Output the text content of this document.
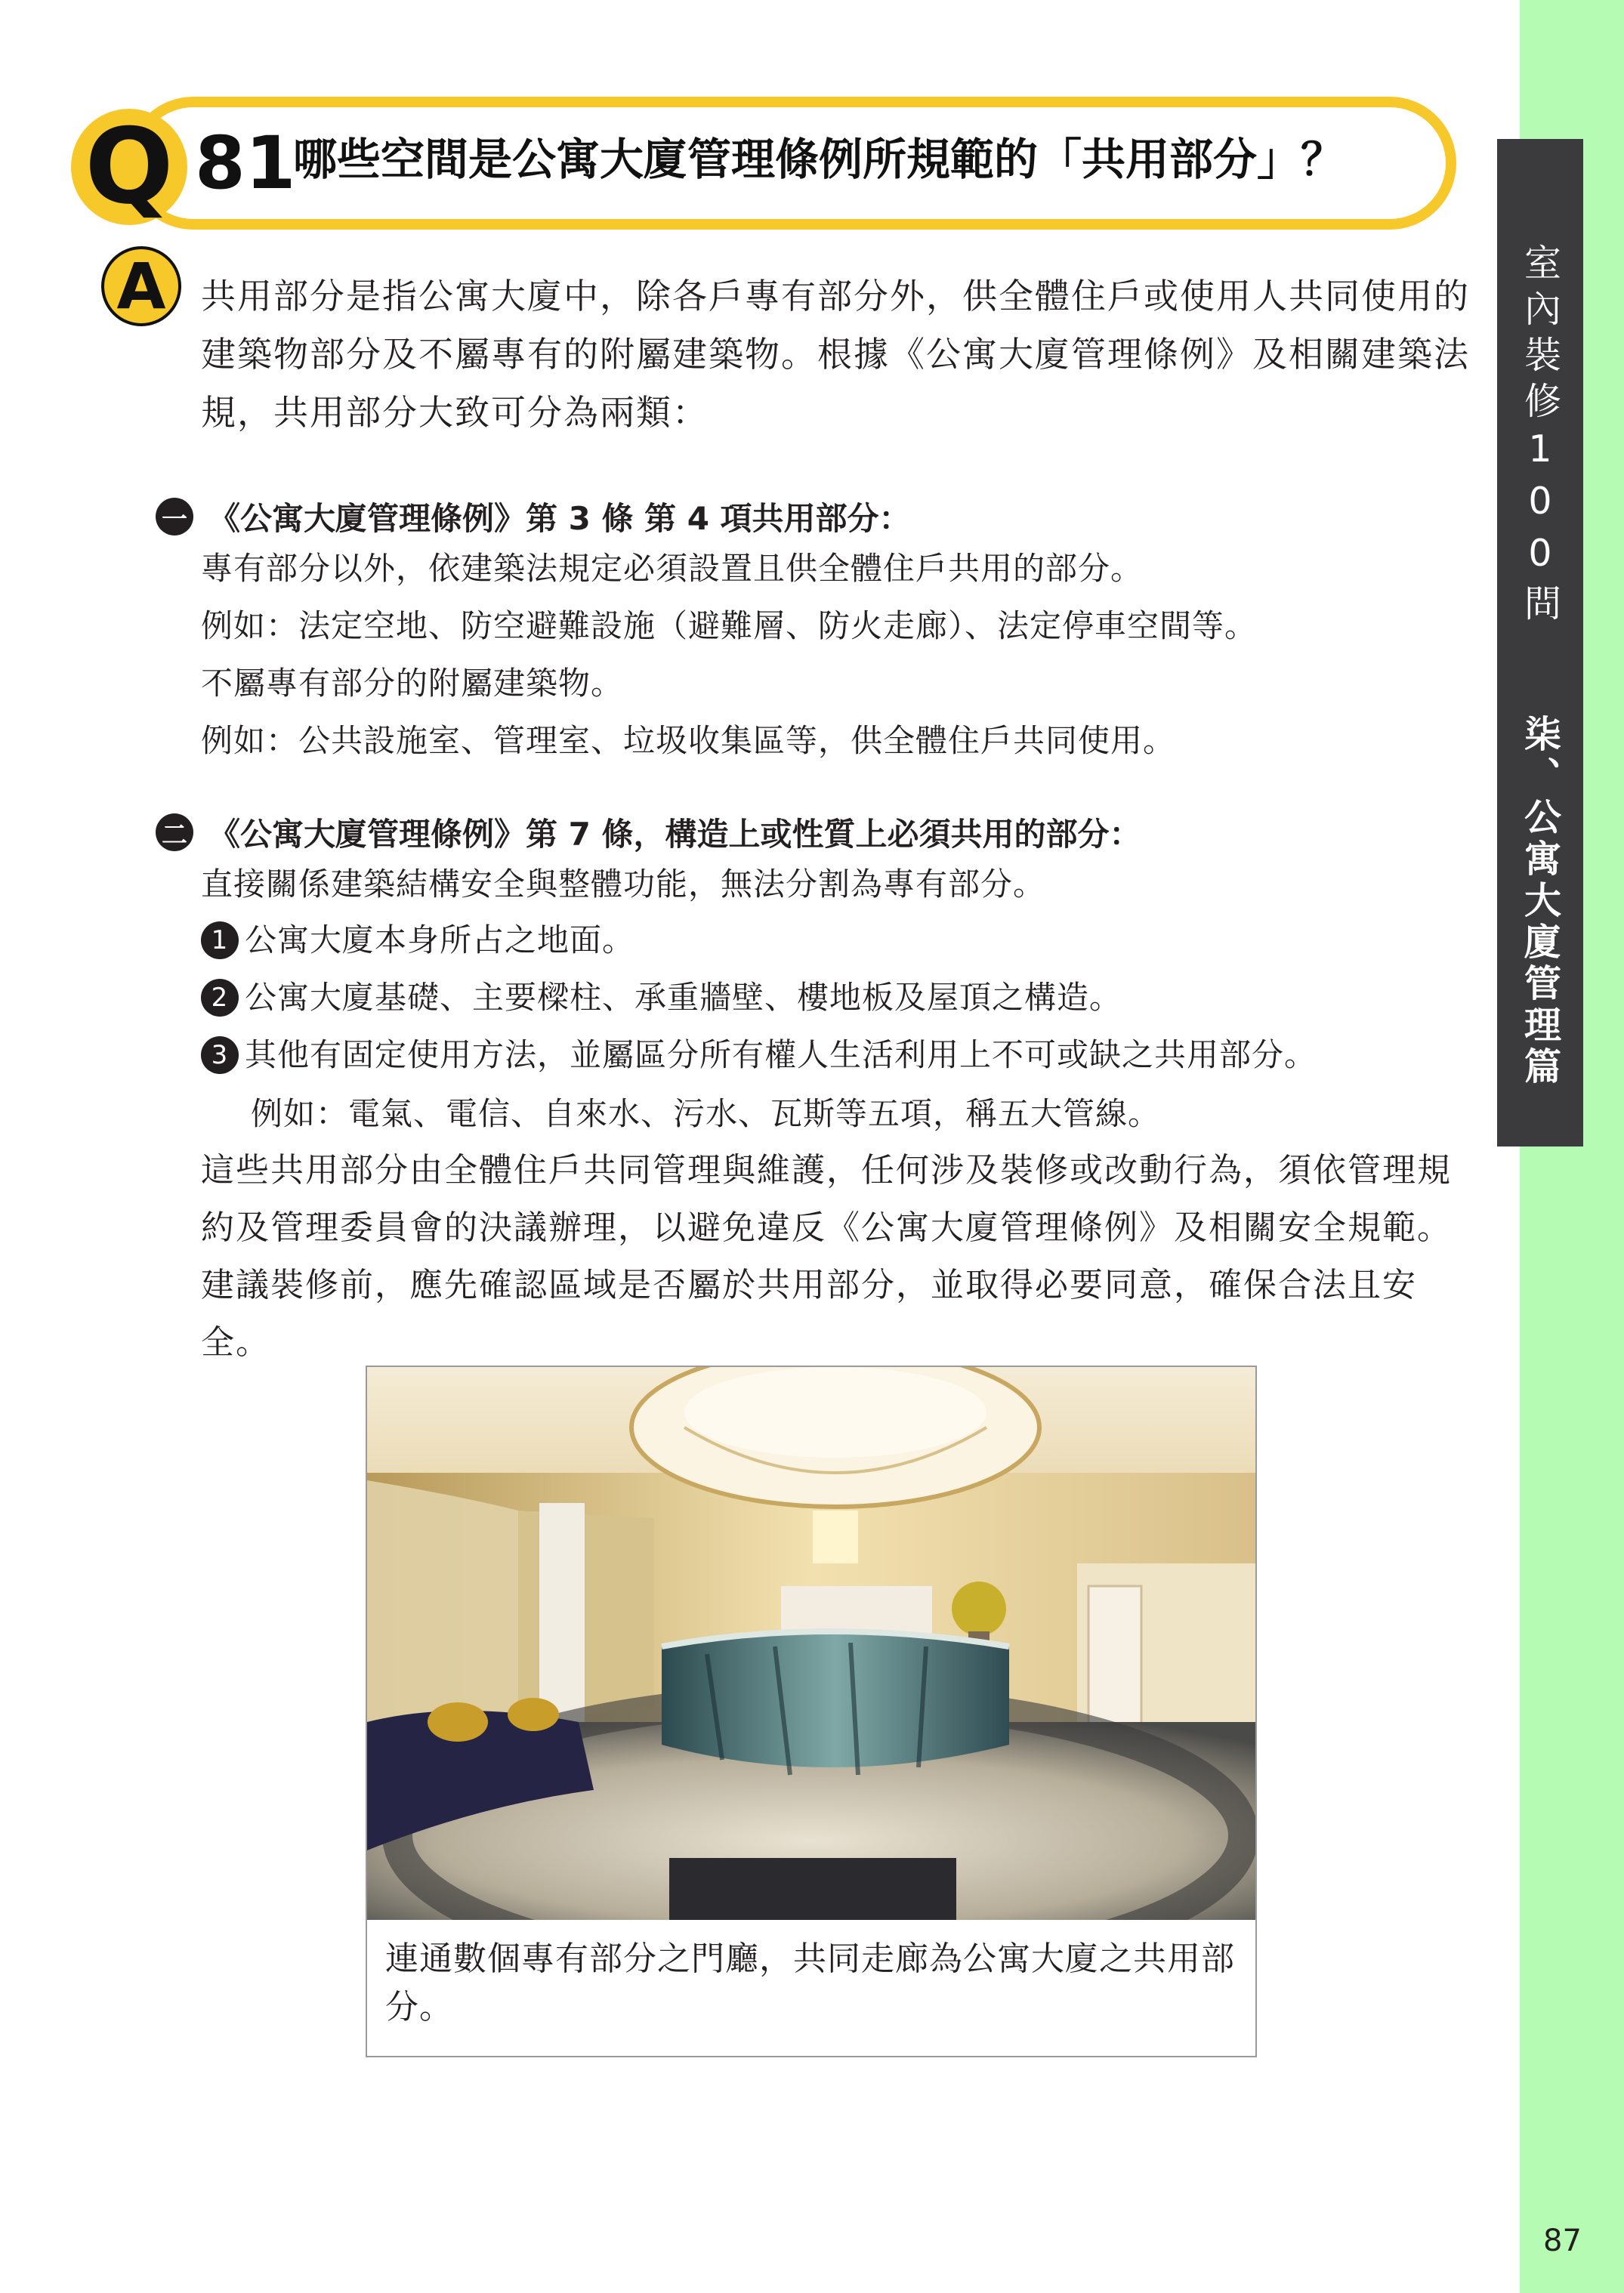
室內裝修100問
柒、公寓大廈管理篇
87
Q 81
哪些空間是公寓大廈管理條例所規範的「共用部分」？
A	共用部分是指公寓大廈中，除各戶專有部分外，供全體住戶或使用人共同使用的建築物部分及不屬專有的附屬建築物。根據《公寓大廈管理條例》及相關建築法規，共用部分大致可分為兩類：
一 《公寓大廈管理條例》第 3 條 第 4 項共用部分：
專有部分以外，依建築法規定必須設置且供全體住戶共用的部分。
例如：法定空地、防空避難設施（避難層、防火走廊）、法定停車空間等。
不屬專有部分的附屬建築物。
例如：公共設施室、管理室、垃圾收集區等，供全體住戶共同使用。
二 《公寓大廈管理條例》第 7 條，構造上或性質上必須共用的部分：
直接關係建築結構安全與整體功能，無法分割為專有部分。
1 公寓大廈本身所占之地面。
2 公寓大廈基礎、主要樑柱、承重牆壁、樓地板及屋頂之構造。
3 其他有固定使用方法，並屬區分所有權人生活利用上不可或缺之共用部分。
例如：電氣、電信、自來水、污水、瓦斯等五項，稱五大管線。
這些共用部分由全體住戶共同管理與維護，任何涉及裝修或改動行為，須依管理規約及管理委員會的決議辦理，以避免違反《公寓大廈管理條例》及相關安全規範。建議裝修前，應先確認區域是否屬於共用部分，並取得必要同意，確保合法且安全。
連通數個專有部分之門廳，共同走廊為公寓大廈之共用部分。
